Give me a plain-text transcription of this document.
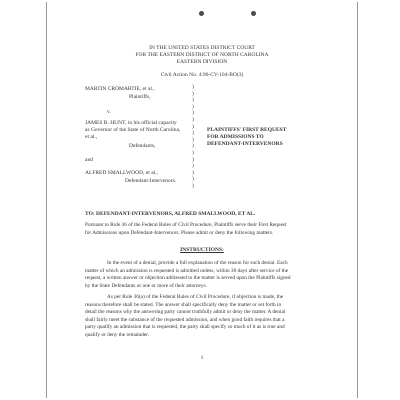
IN THE UNITED STATES DISTRICT COURT
FOR THE EASTERN DISTRICT OF NORTH CAROLINA
EASTERN DIVISION
Civil Action No. 4:96-CV-104-BO(3)
MARTIN CROMARTIE, et al.,
Plaintiffs,
v.
JAMES B. HUNT, in his official capacity
as Governor of the State of North Carolina,
et al.,
Defendants,
and
ALFRED SMALLWOOD, et al.,
Defendant-Intervenors.
)
)
)
)
)
)
)
)
)
)
)
)
)
)
)
)
PLAINTIFFS' FIRST REQUEST
FOR ADMISSIONS TO
DEFENDANT-INTERVENORS
TO: DEFENDANT-INTERVENORS, ALFRED SMALLWOOD, ET AL.
Pursuant to Rule 36 of the Federal Rules of Civil Procedure, Plaintiffs serve their First Request
for Admissions upon Defendant-Intervenors. Please admit or deny the following matters.
INSTRUCTIONS:
In the event of a denial, provide a full explanation of the reason for such denial. Each
matter of which an admission is requested is admitted unless, within 30 days after service of the
request, a written answer or objection addressed to the matter is served upon the Plaintiffs signed
by the State Defendants or one or more of their attorneys.
As per Rule 36(a) of the Federal Rules of Civil Procedure, if objection is made, the
reasons therefore shall be stated. The answer shall specifically deny the matter or set forth in
detail the reasons why the answering party cannot truthfully admit or deny the matter. A denial
shall fairly meet the substance of the requested admission, and when good faith requires that a
party qualify an admission that is requested, the party shall specify so much of it as is true and
qualify or deny the remainder.
1
